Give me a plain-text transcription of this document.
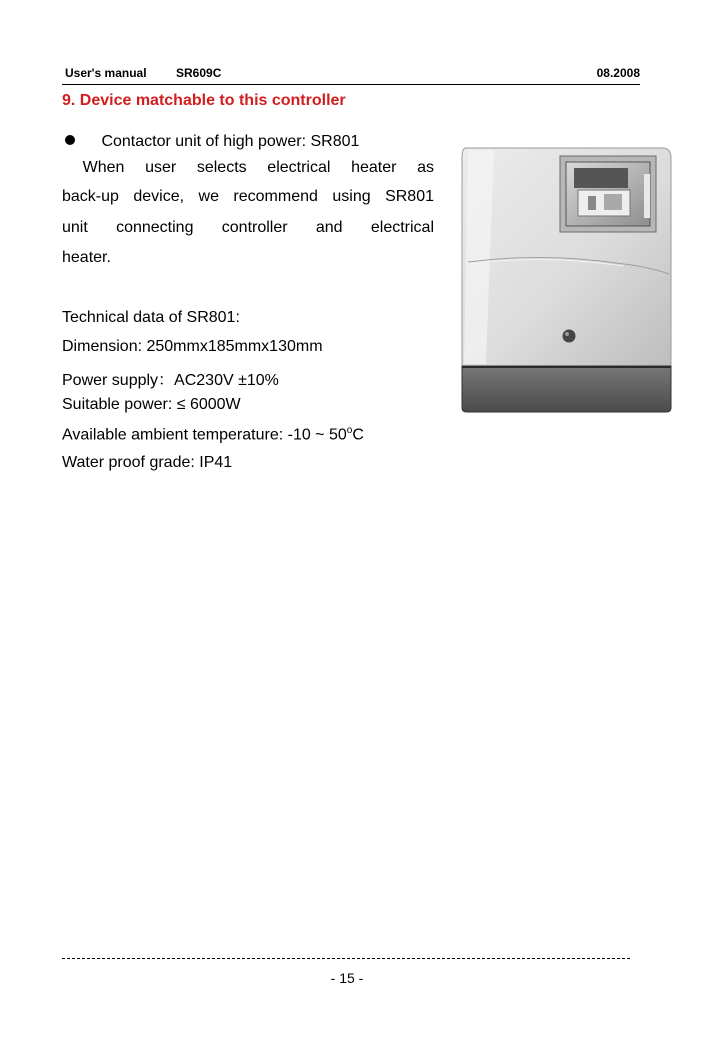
User's manual SR609C	08.2008
9. Device matchable to this controller
Contactor unit of high power: SR801
When user selects electrical heater as
back-up device, we recommend using SR801
unit connecting controller and electrical
heater.
Technical data of SR801:
Dimension: 250mmx185mmx130mm
Power supply：AC230V ±10%
Suitable power: ≤ 6000W
Available ambient temperature: -10 ~ 50$^o$C
Water proof grade: IP41
- 15 -
